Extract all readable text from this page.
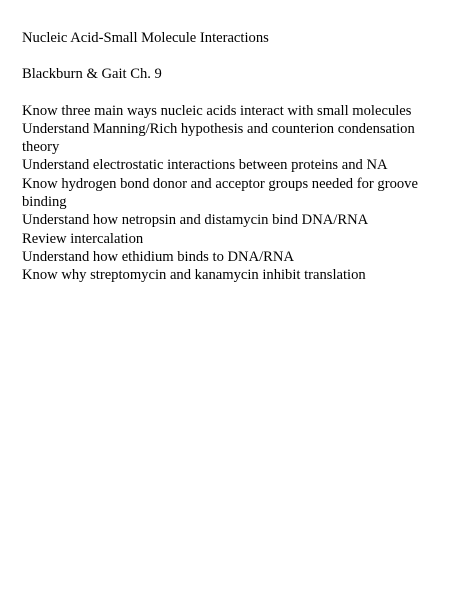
Nucleic Acid-Small Molecule Interactions

Blackburn & Gait Ch. 9

Know three main ways nucleic acids interact with small molecules
Understand Manning/Rich hypothesis and counterion condensation theory
Understand electrostatic interactions between proteins and NA
Know hydrogen bond donor and acceptor groups needed for groove binding
Understand how netropsin and distamycin bind DNA/RNA
Review intercalation
Understand how ethidium binds to DNA/RNA
Know why streptomycin and kanamycin inhibit translation
